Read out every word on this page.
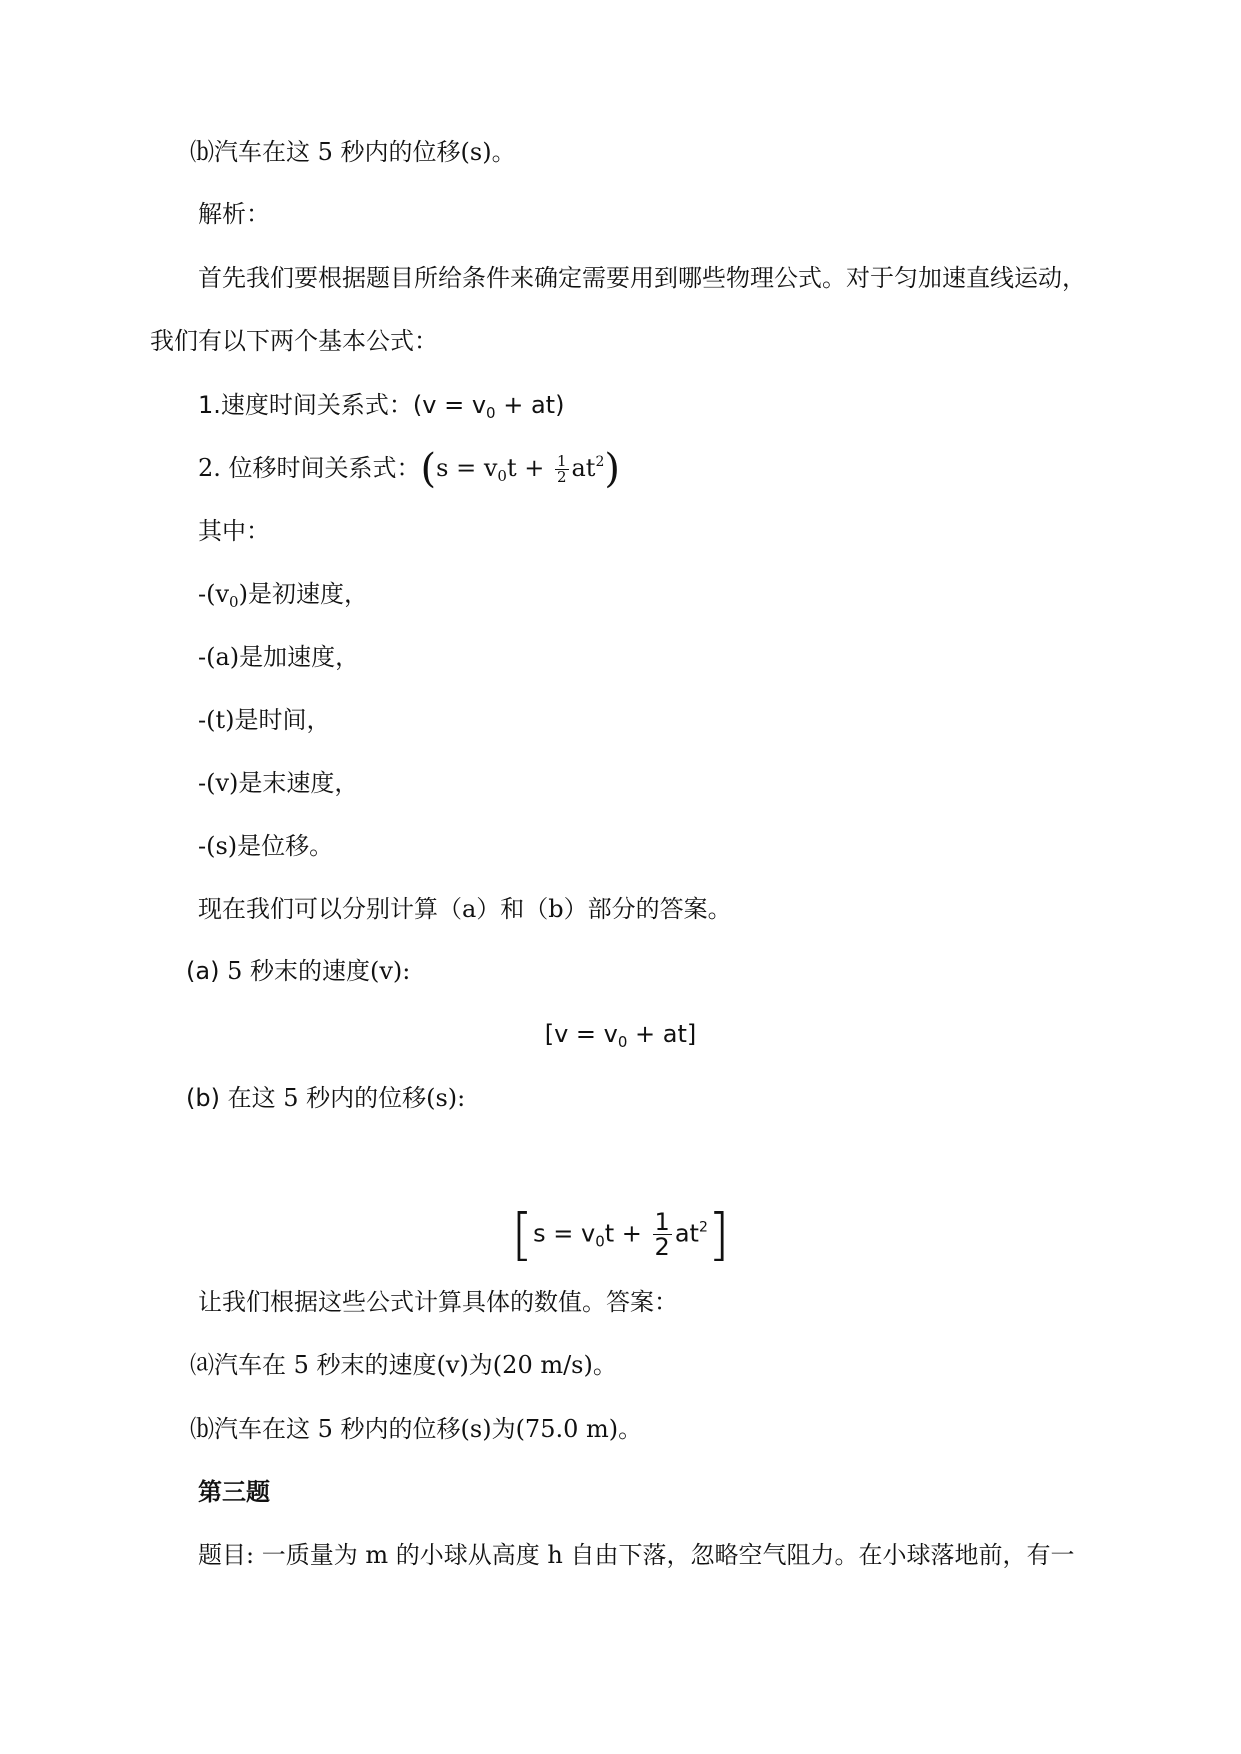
⒝汽车在这 5 秒内的位移(s)。
解析：
首先我们要根据题目所给条件来确定需要用到哪些物理公式。对于匀加速直线运动，
我们有以下两个基本公式：
1.速度时间关系式：$(v = v_0 + at)$
2. 位移时间关系式：$(s = v_0t + \frac{1}{2} at^2)$
其中：
$-(v_0)$是初速度，
-(a)是加速度，
-(t)是时间，
-(v)是末速度，
-(s)是位移。
现在我们可以分别计算（a）和（b）部分的答案。
(a) 5 秒末的速度(v):
$[v = v_0 + at]$
(b) 在这 5 秒内的位移(s):
$[s = v_0t + \frac{1}{2} at^2]$
让我们根据这些公式计算具体的数值。答案：
⒜汽车在 5 秒末的速度(v)为(20 m/s)。
⒝汽车在这 5 秒内的位移(s)为(75.0 m)。
第三题
题目: 一质量为 m 的小球从高度 h 自由下落，忽略空气阻力。在小球落地前，有一
